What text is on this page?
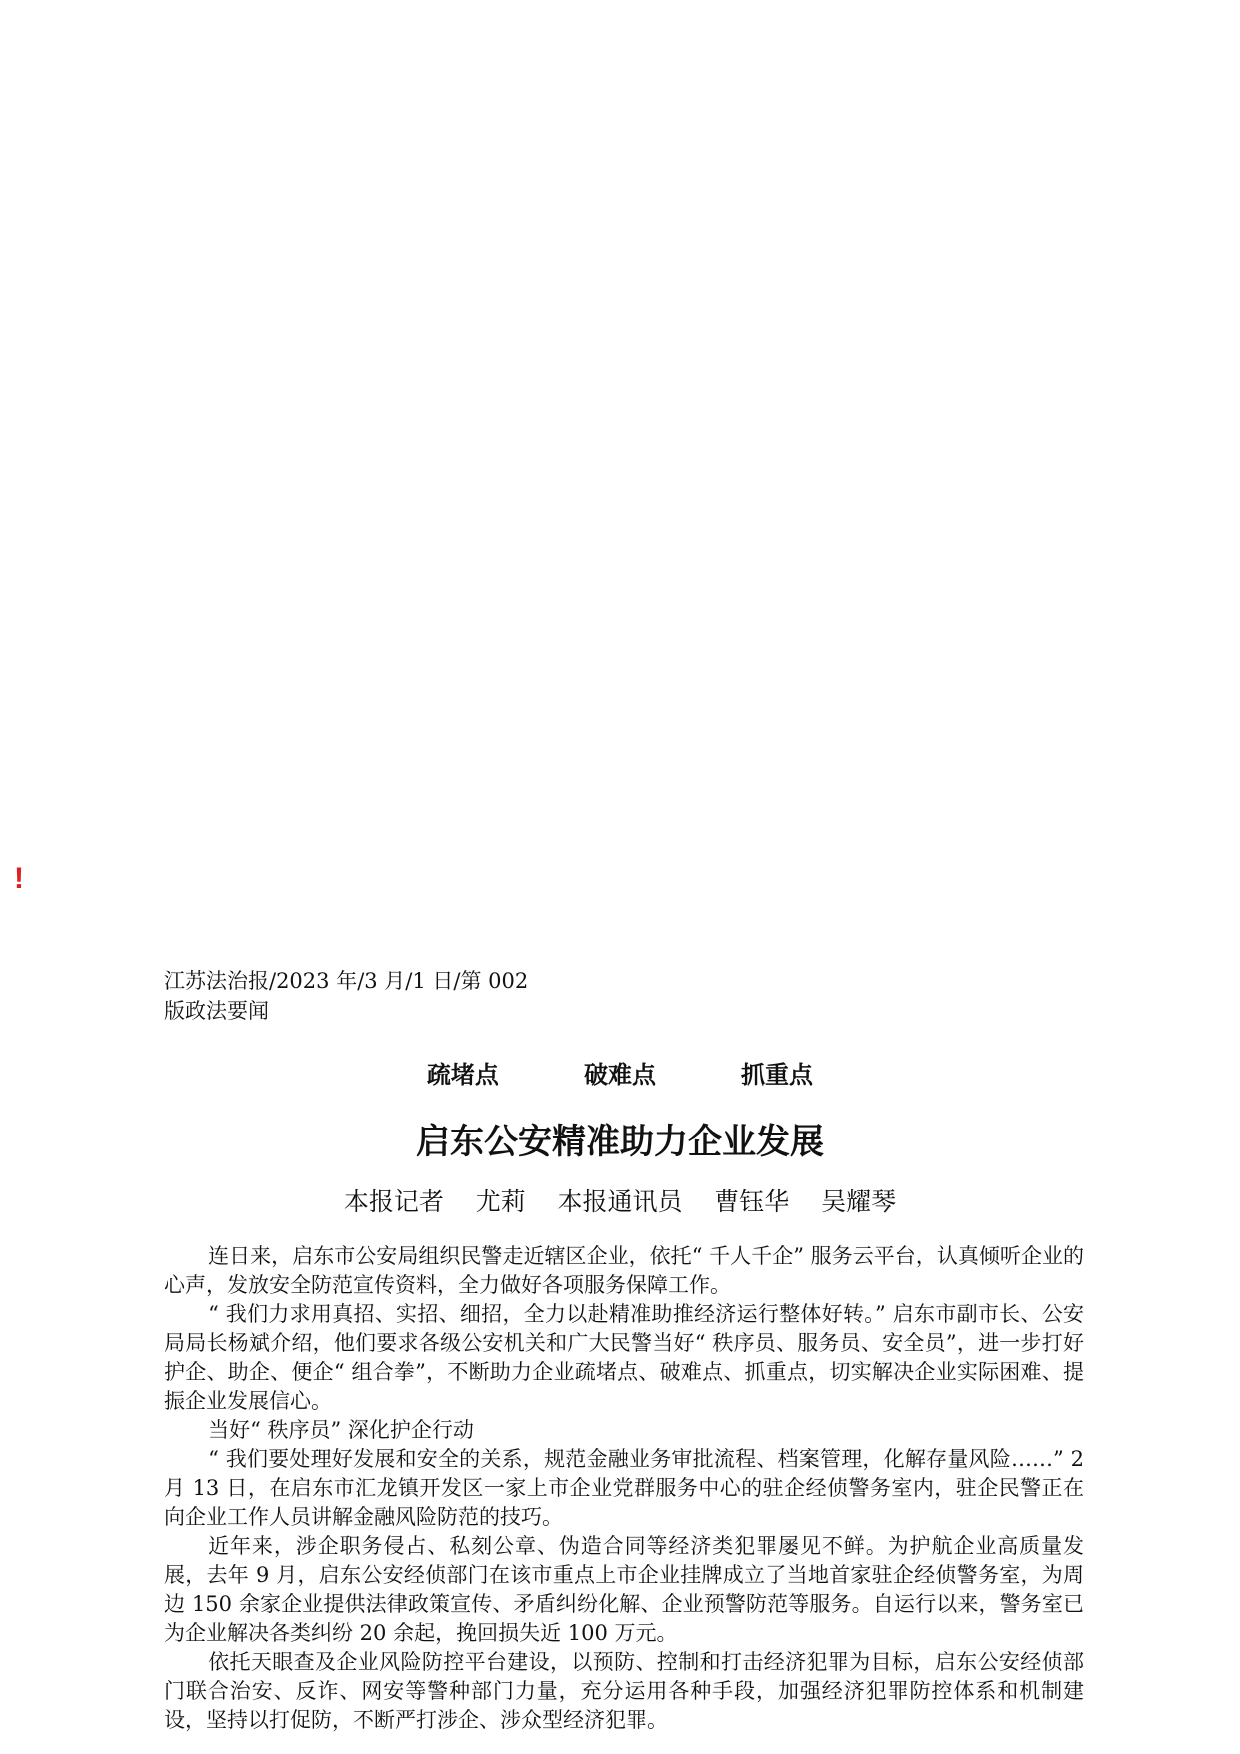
!
江苏法治报/2023 年/3 月/1 日/第 002
版政法要闻
疏堵点   破难点   抓重点
启东公安精准助力企业发展
本报记者    尤莉    本报通讯员    曹钰华    吴耀琴

连日来，启东市公安局组织民警走近辖区企业，依托“ 千人千企” 服务云平台，认真倾听企业的心声，发放安全防范宣传资料，全力做好各项服务保障工作。

“ 我们力求用真招、实招、细招，全力以赴精准助推经济运行整体好转。” 启东市副市长、公安局局长杨斌介绍，他们要求各级公安机关和广大民警当好“ 秩序员、服务员、安全员”，进一步打好护企、助企、便企“ 组合拳”，不断助力企业疏堵点、破难点、抓重点，切实解决企业实际困难、提振企业发展信心。

当好“ 秩序员” 深化护企行动

“ 我们要处理好发展和安全的关系，规范金融业务审批流程、档案管理，化解存量风险……” 2 月 13 日，在启东市汇龙镇开发区一家上市企业党群服务中心的驻企经侦警务室内，驻企民警正在向企业工作人员讲解金融风险防范的技巧。

近年来，涉企职务侵占、私刻公章、伪造合同等经济类犯罪屡见不鲜。为护航企业高质量发展，去年 9 月，启东公安经侦部门在该市重点上市企业挂牌成立了当地首家驻企经侦警务室，为周边 150 余家企业提供法律政策宣传、矛盾纠纷化解、企业预警防范等服务。自运行以来，警务室已为企业解决各类纠纷 20 余起，挽回损失近 100 万元。

依托天眼查及企业风险防控平台建设，以预防、控制和打击经济犯罪为目标，启东公安经侦部门联合治安、反诈、网安等警种部门力量，充分运用各种手段，加强经济犯罪防控体系和机制建设，坚持以打促防，不断严打涉企、涉众型经济犯罪。
